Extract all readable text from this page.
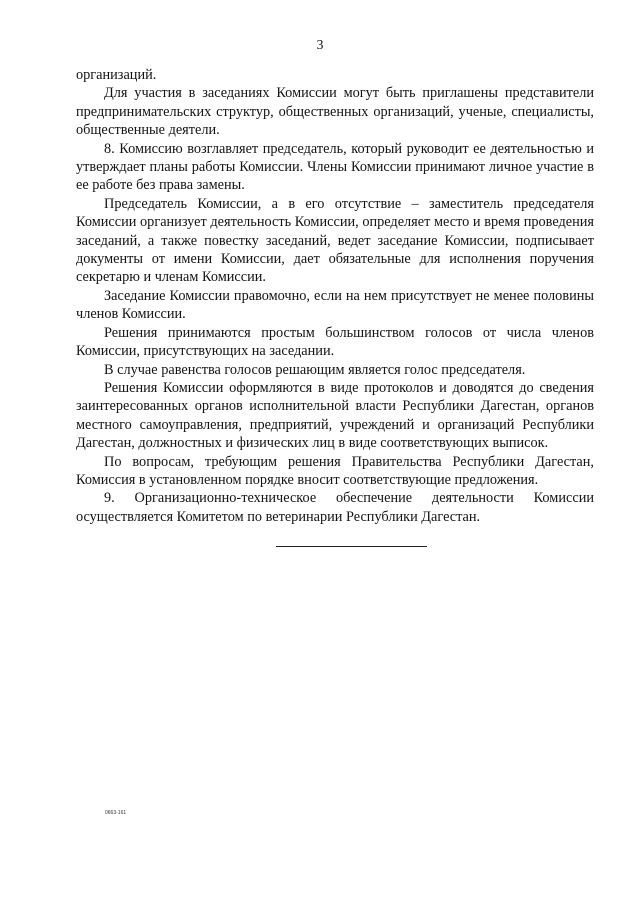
3

организаций.

Для участия в заседаниях Комиссии могут быть приглашены представители предпринимательских структур, общественных организаций, ученые, специалисты, общественные деятели.

8. Комиссию возглавляет председатель, который руководит ее деятельностью и утверждает планы работы Комиссии. Члены Комиссии принимают личное участие в ее работе без права замены.

Председатель Комиссии, а в его отсутствие – заместитель председателя Комиссии организует деятельность Комиссии, определяет место и время проведения заседаний, а также повестку заседаний, ведет заседание Комиссии, подписывает документы от имени Комиссии, дает обязательные для исполнения поручения секретарю и членам Комиссии.

Заседание Комиссии правомочно, если на нем присутствует не менее половины членов Комиссии.

Решения принимаются простым большинством голосов от числа членов Комиссии, присутствующих на заседании.

В случае равенства голосов решающим является голос председателя.

Решения Комиссии оформляются в виде протоколов и доводятся до сведения заинтересованных органов исполнительной власти Республики Дагестан, органов местного самоуправления, предприятий, учреждений и организаций Республики Дагестан, должностных и физических лиц в виде соответствующих выписок.

По вопросам, требующим решения Правительства Республики Дагестан, Комиссия в установленном порядке вносит соответствующие предложения.

9. Организационно-техническое обеспечение деятельности Комиссии осуществляется Комитетом по ветеринарии Республики Дагестан.

0663-161
